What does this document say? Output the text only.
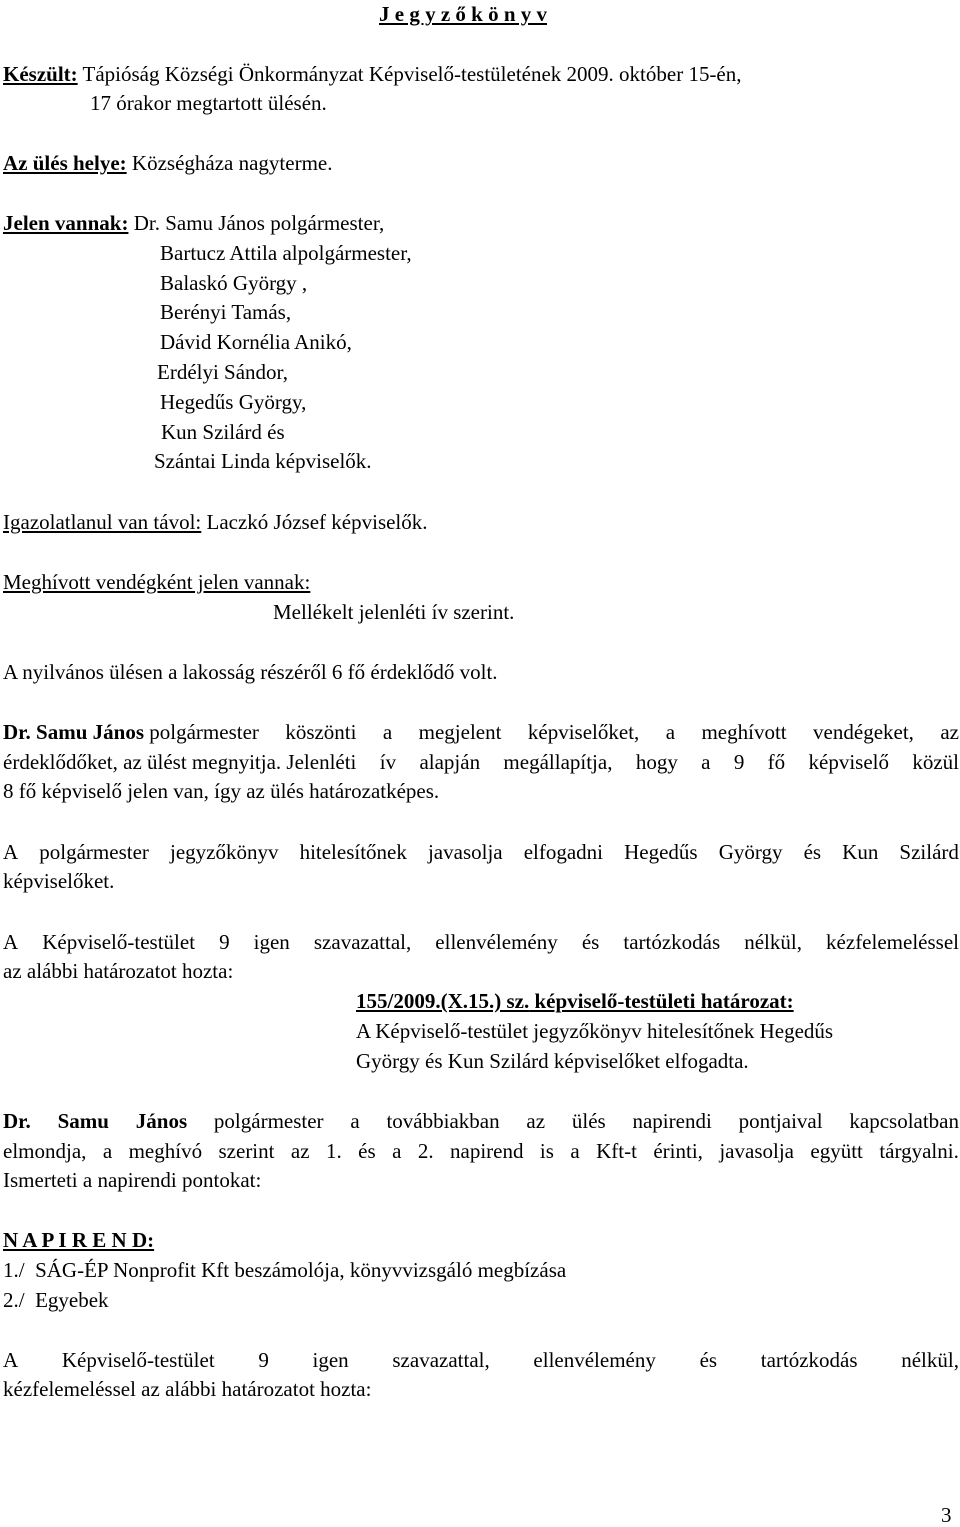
J e g y z ő k ö n y v
Készült: Tápióság Községi Önkormányzat Képviselő-testületének 2009. október 15-én,
17 órakor megtartott ülésén.
Az ülés helye: Községháza nagyterme.
Jelen vannak: Dr. Samu János polgármester,
Bartucz Attila alpolgármester,
Balaskó György ,
Berényi Tamás,
Dávid Kornélia Anikó,
Erdélyi Sándor,
Hegedűs György,
Kun Szilárd és
Szántai Linda képviselők.
Igazolatlanul van távol: Laczkó József képviselők.
Meghívott vendégként jelen vannak:
Mellékelt jelenléti ív szerint.
A nyilvános ülésen a lakosság részéről 6 fő érdeklődő volt.
Dr. Samu János polgármester köszönti a megjelent képviselőket, a meghívott vendégeket, az
érdeklődőket, az ülést megnyitja. Jelenléti ív alapján megállapítja, hogy a 9 fő képviselő közül
8 fő képviselő jelen van, így az ülés határozatképes.
A polgármester jegyzőkönyv hitelesítőnek javasolja elfogadni Hegedűs György és Kun Szilárd
képviselőket.
A Képviselő-testület 9 igen szavazattal, ellenvélemény és tartózkodás nélkül, kézfelemeléssel
az alábbi határozatot hozta:
155/2009.(X.15.) sz. képviselő-testületi határozat:
A Képviselő-testület jegyzőkönyv hitelesítőnek Hegedűs
György és Kun Szilárd képviselőket elfogadta.
Dr. Samu János polgármester a továbbiakban az ülés napirendi pontjaival kapcsolatban
elmondja, a meghívó szerint az 1. és a 2. napirend is a Kft-t érinti, javasolja együtt tárgyalni.
Ismerteti a napirendi pontokat:
N A P I R E N D:
1./  SÁG-ÉP Nonprofit Kft beszámolója, könyvvizsgáló megbízása
2./  Egyebek
A Képviselő-testület 9 igen szavazattal, ellenvélemény és tartózkodás nélkül,
kézfelemeléssel az alábbi határozatot hozta:
3
